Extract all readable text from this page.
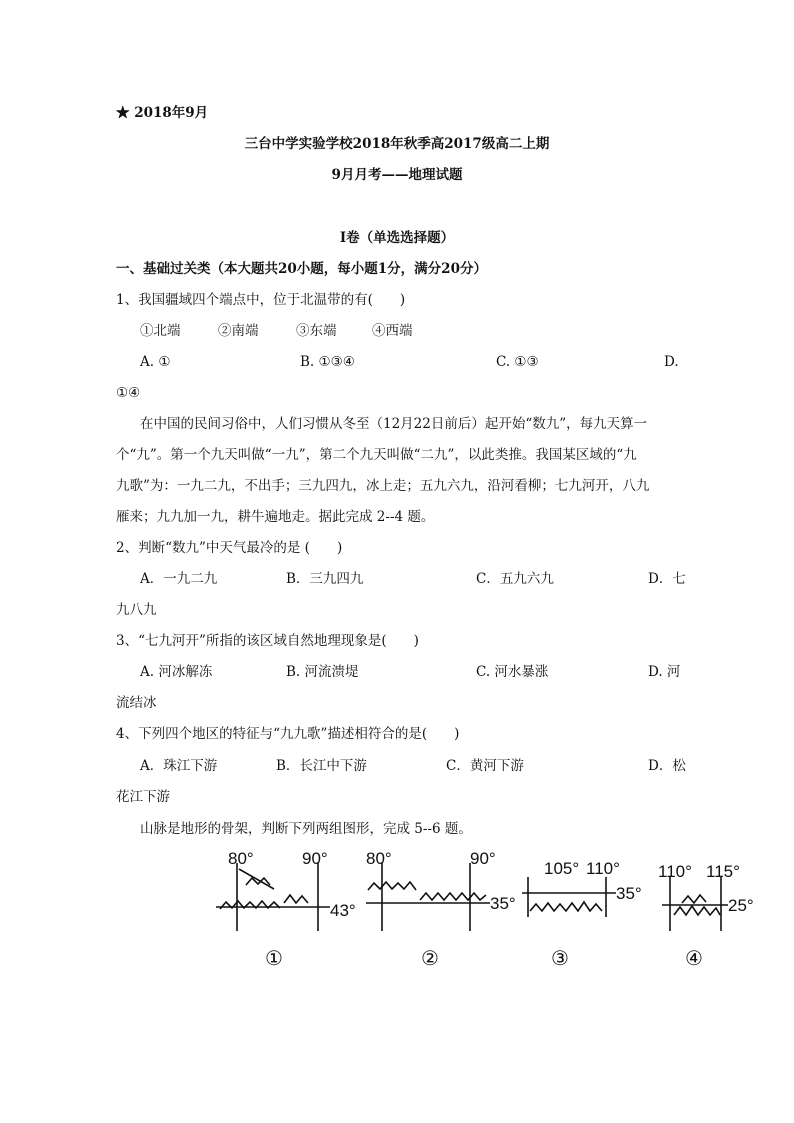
★ 2018年9月
三台中学实验学校2018年秋季高2017级高二上期
9月月考——地理试题
Ⅰ卷（单选选择题）
一、基础过关类（本大题共20小题，每小题1分，满分20分）
1、我国疆域四个端点中，位于北温带的有(　　)
①北端	②南端	③东端	④西端
A. ①	B. ①③④	C. ①③	D.
①④
在中国的民间习俗中，人们习惯从冬至（12月22日前后）起开始“数九”，每九天算一
个“九”。第一个九天叫做“一九”，第二个九天叫做“二九”，以此类推。我国某区域的“九
九歌”为：一九二九，不出手；三九四九，冰上走；五九六九，沿河看柳；七九河开，八九
雁来；九九加一九，耕牛遍地走。据此完成 2--4 题。
2、判断“数九”中天气最冷的是 (　　)
A．一九二九	B．三九四九	C．五九六九	D．七
九八九
3、“七九河开”所指的该区域自然地理现象是(　　)
A. 河冰解冻	B. 河流溃堤	C. 河水暴涨	D. 河
流结冰
4、下列四个地区的特征与“九九歌”描述相符合的是(　　)
A．珠江下游	B．长江中下游	C．黄河下游	D．松
花江下游
山脉是地形的骨架，判断下列两组图形，完成 5--6 题。
80°	90°
43°
80°	90°
35°
105° 110°
35°
110° 115°
25°
①	②	③	④
